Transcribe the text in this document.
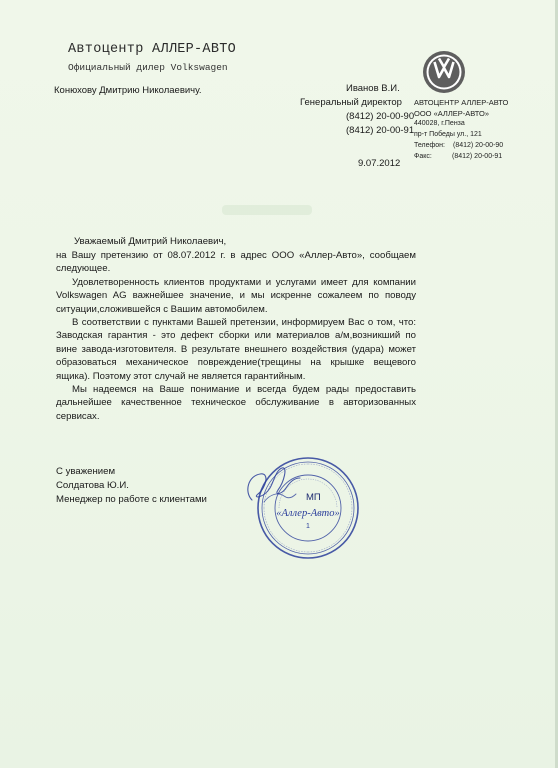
Автоцентр АЛЛЕР-АВТО
Официальный дилер Volkswagen
Конюхову Дмитрию Николаевичу.	Иванов В.И.
Генеральный директор
(8412) 20-00-90
(8412) 20-00-91
9.07.2012
АВТОЦЕНТР АЛЛЕР-АВТО
ООО «АЛЛЕР-АВТО»
440028, г.Пенза
пр-т Победы ул., 121
Телефон: (8412) 20-00-90
Факс:	(8412) 20-00-91
Уважаемый Дмитрий Николаевич,
на Вашу претензию от 08.07.2012 г. в адрес ООО «Аллер-Авто», сообщаем следующее.
Удовлетворенность клиентов продуктами и услугами имеет для компании Volkswagen AG важнейшее значение, и мы искренне сожалеем по поводу ситуации,сложившейся с Вашим автомобилем.
В соответствии с пунктами Вашей претензии, информируем Вас о том, что: Заводская гарантия - это дефект сборки или материалов а/м,возникший по вине завода-изготовителя. В результате внешнего воздействия (удара) может образоваться механическое повреждение(трещины на крышке вещевого ящика). Поэтому этот случай не является гарантийным.
Мы надеемся на Ваше понимание и всегда будем рады предоставить дальнейшее качественное техническое обслуживание в авторизованных сервисах.
С уважением
Солдатова Ю.И.
Менеджер по работе с клиентами
«Аллер-Авто»
1
МП
